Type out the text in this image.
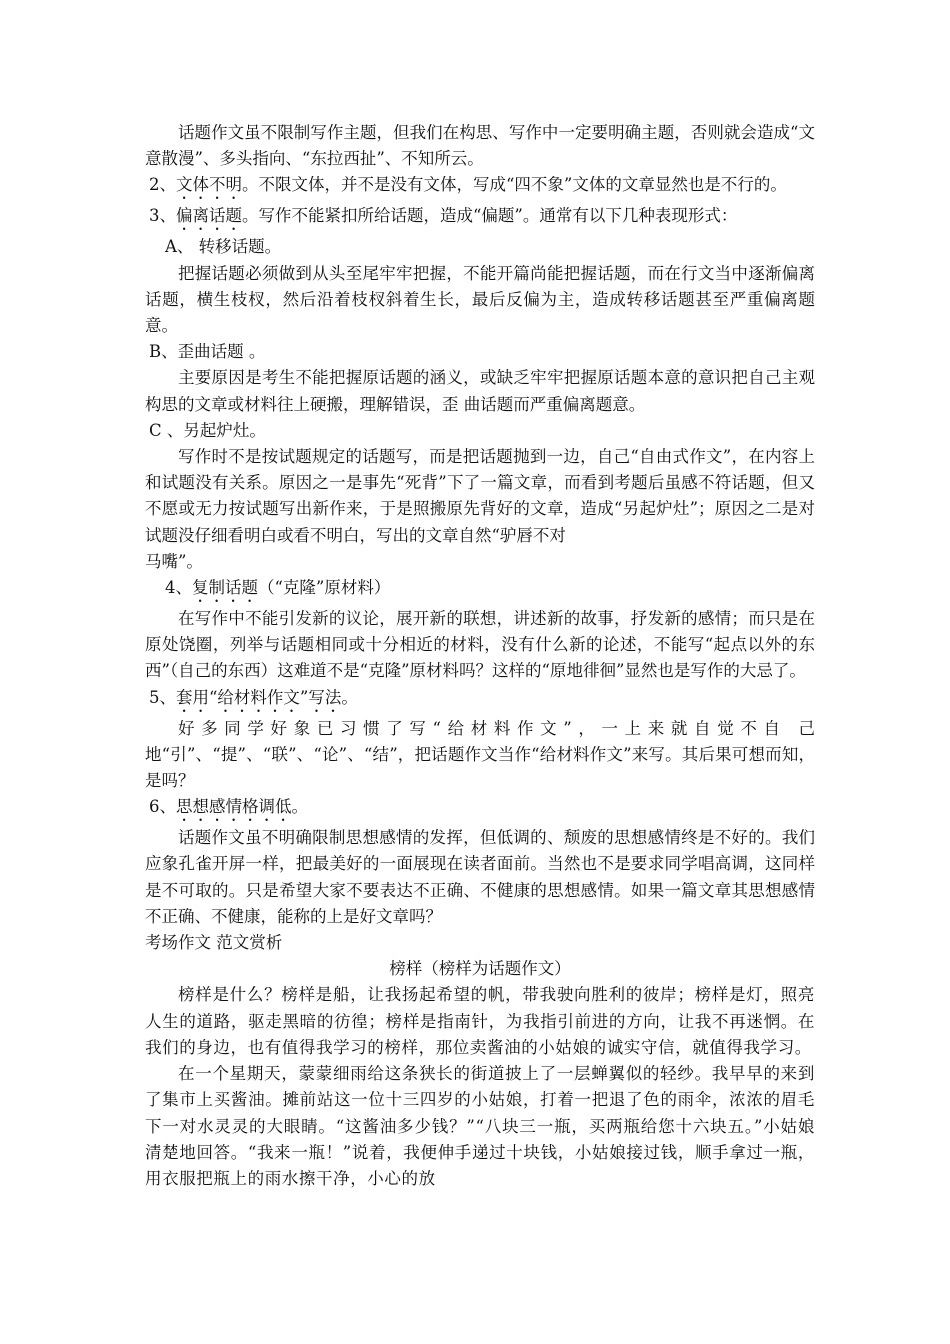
话题作文虽不限制写作主题，但我们在构思、写作中一定要明确主题，否则就会造成“文意散漫”、多头指向、“东拉西扯”、不知所云。

2、文体不明。不限文体，并不是没有文体，写成“四不象”文体的文章显然也是不行的。

3、偏离话题。写作不能紧扣所给话题，造成“偏题”。通常有以下几种表现形式：

A、 转移话题。

把握话题必须做到从头至尾牢牢把握，不能开篇尚能把握话题，而在行文当中逐渐偏离话题，横生枝杈，然后沿着枝杈斜着生长，最后反偏为主，造成转移话题甚至严重偏离题意。

B、歪曲话题 。

主要原因是考生不能把握原话题的涵义，或缺乏牢牢把握原话题本意的意识把自己主观构思的文章或材料往上硬搬，理解错误，歪 曲话题而严重偏离题意。

C 、另起炉灶。

写作时不是按试题规定的话题写，而是把话题抛到一边，自己“自由式作文”，在内容上和试题没有关系。原因之一是事先“死背”下了一篇文章，而看到考题后虽感不符话题，但又不愿或无力按试题写出新作来，于是照搬原先背好的文章，造成“另起炉灶”；原因之二是对试题没仔细看明白或看不明白，写出的文章自然“驴唇不对

马嘴”。

4、复制话题（“克隆”原材料）

在写作中不能引发新的议论，展开新的联想，讲述新的故事，抒发新的感情；而只是在原处饶圈，列举与话题相同或十分相近的材料，没有什么新的论述，不能写“起点以外的东西”（自己的东西）这难道不是“克隆”原材料吗？这样的“原地徘徊”显然也是写作的大忌了。

5、套用“给材料作文”写法。

好多同学好象已习惯了写“给材料作文”，一上来就自觉不自 己地“引”、“提”、“联”、“论”、“结”，把话题作文当作“给材料作文”来写。其后果可想而知，是吗？

6、思想感情格调低。

话题作文虽不明确限制思想感情的发挥，但低调的、颓废的思想感情终是不好的。我们应象孔雀开屏一样，把最美好的一面展现在读者面前。当然也不是要求同学唱高调，这同样是不可取的。只是希望大家不要表达不正确、不健康的思想感情。如果一篇文章其思想感情不正确、不健康，能称的上是好文章吗？

考场作文 范文赏析

榜样（榜样为话题作文）

榜样是什么？榜样是船，让我扬起希望的帆，带我驶向胜利的彼岸；榜样是灯，照亮人生的道路，驱走黑暗的彷徨；榜样是指南针，为我指引前进的方向，让我不再迷惘。在我们的身边，也有值得我学习的榜样，那位卖酱油的小姑娘的诚实守信，就值得我学习。

在一个星期天，蒙蒙细雨给这条狭长的街道披上了一层蝉翼似的轻纱。我早早的来到了集市上买酱油。摊前站这一位十三四岁的小姑娘，打着一把退了色的雨伞，浓浓的眉毛下一对水灵灵的大眼睛。“这酱油多少钱？”“八块三一瓶，买两瓶给您十六块五。”小姑娘清楚地回答。“我来一瓶！”说着，我便伸手递过十块钱，小姑娘接过钱，顺手拿过一瓶，用衣服把瓶上的雨水擦干净，小心的放
